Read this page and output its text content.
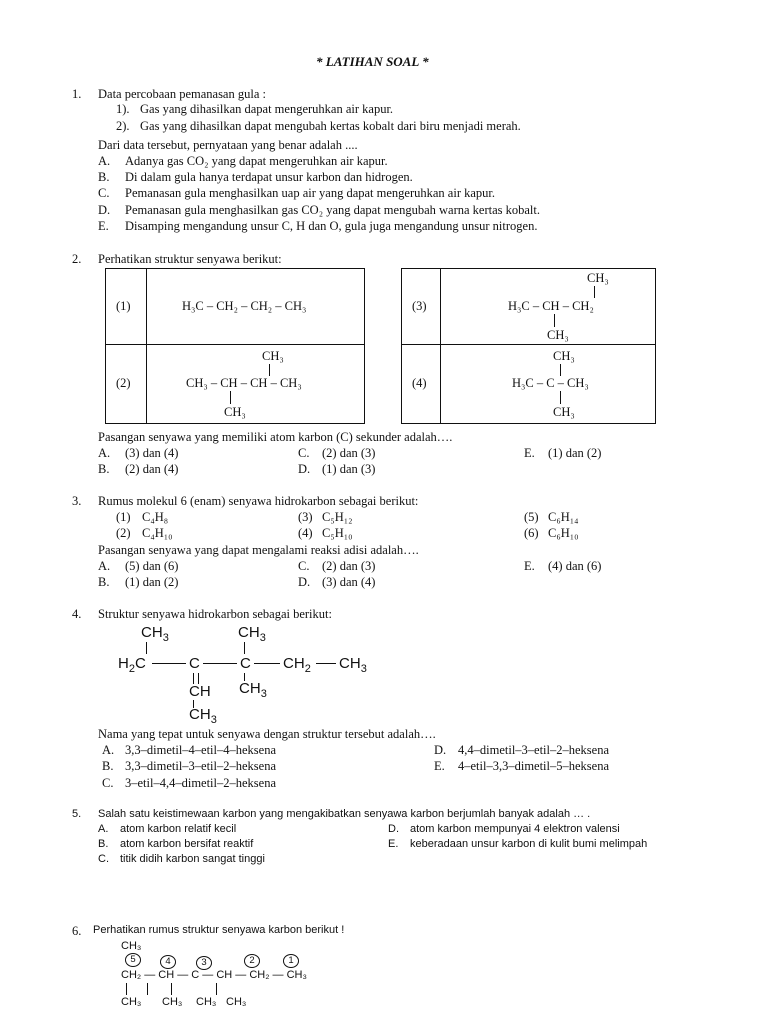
* LATIHAN SOAL *
1. Data percobaan pemanasan gula :
1). Gas yang dihasilkan dapat mengeruhkan air kapur.
2). Gas yang dihasilkan dapat mengubah kertas kobalt dari biru menjadi merah.
Dari data tersebut, pernyataan yang benar adalah ....
A. Adanya gas CO₂ yang dapat mengeruhkan air kapur.
B. Di dalam gula hanya terdapat unsur karbon dan hidrogen.
C. Pemanasan gula menghasilkan uap air yang dapat mengeruhkan air kapur.
D. Pemanasan gula menghasilkan gas CO₂ yang dapat mengubah warna kertas kobalt.
E. Disamping mengandung unsur C, H dan O, gula juga mengandung unsur nitrogen.
2. Perhatikan struktur senyawa berikut:
(1)	H₃C – CH₂ – CH₂ – CH₃
(2)
CH₃
CH₃ – CH – CH – CH₃
CH₃
(3)
CH₃
H₃C – CH – CH₂
CH₃
(4)
CH₃
H₃C – C – CH₃
CH₃
Pasangan senyawa yang memiliki atom karbon (C) sekunder adalah….
A. (3) dan (4)
B. (2) dan (4)
C. (2) dan (3)
D. (1) dan (3)
E. (1) dan (2)
3. Rumus molekul 6 (enam) senyawa hidrokarbon sebagai berikut:
(1) C₄H₈
(2) C₄H₁₀
(3) C₅H₁₂
(4) C₅H₁₀
(5) C₆H₁₄
(6) C₆H₁₀
Pasangan senyawa yang dapat mengalami reaksi adisi adalah….
A. (5) dan (6)
B. (1) dan (2)
C. (2) dan (3)
D. (3) dan (4)
E. (4) dan (6)
4. Struktur senyawa hidrokarbon sebagai berikut:
$CH_3$	$CH_3$
$H_2C$	C	C $CH_2$ $CH_3$
CH $CH_3$
$CH_3$
Nama yang tepat untuk senyawa dengan struktur tersebut adalah….
A. 3,3–dimetil–4–etil–4–heksena
B. 3,3–dimetil–3–etil–2–heksena
C. 3–etil–4,4–dimetil–2–heksena
D. 4,4–dimetil–3–etil–2–heksena
E. 4–etil–3,3–dimetil–5–heksena
5. Salah satu keistimewaan karbon yang mengakibatkan senyawa karbon berjumlah banyak adalah … .
A. atom karbon relatif kecil
B. atom karbon bersifat reaktif
C. titik didih karbon sangat tinggi
D. atom karbon mempunyai 4 elektron valensi
E. keberadaan unsur karbon di kulit bumi melimpah
6. Perhatikan rumus struktur senyawa karbon berikut !
CH₃
5	4	3	2	1
CH₂ — CH — C — CH — CH₂ — CH₃
CH₃ CH₃ CH₃ CH₃
